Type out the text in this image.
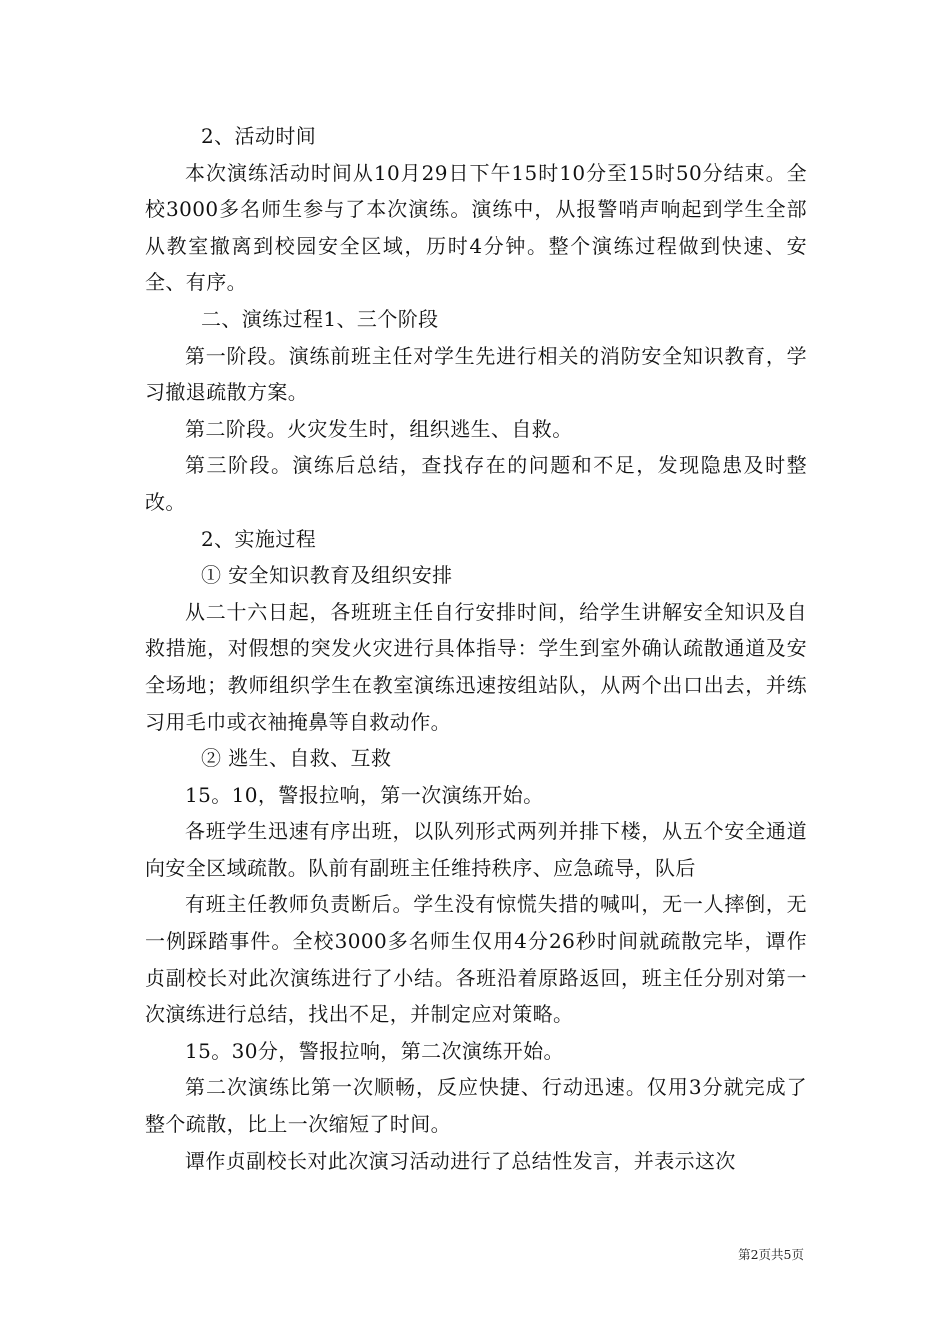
2、活动时间

本次演练活动时间从10月29日下午15时10分至15时50分结束。全校3000多名师生参与了本次演练。演练中，从报警哨声响起到学生全部从教室撤离到校园安全区域，历时4分钟。整个演练过程做到快速、安全、有序。

二、演练过程1、三个阶段

第一阶段。演练前班主任对学生先进行相关的消防安全知识教育，学习撤退疏散方案。

第二阶段。火灾发生时，组织逃生、自救。

第三阶段。演练后总结，查找存在的问题和不足，发现隐患及时整改。

2、实施过程

① 安全知识教育及组织安排

从二十六日起，各班班主任自行安排时间，给学生讲解安全知识及自救措施，对假想的突发火灾进行具体指导：学生到室外确认疏散通道及安全场地；教师组织学生在教室演练迅速按组站队，从两个出口出去，并练习用毛巾或衣袖掩鼻等自救动作。

② 逃生、自救、互救

15。10，警报拉响，第一次演练开始。

各班学生迅速有序出班，以队列形式两列并排下楼，从五个安全通道向安全区域疏散。队前有副班主任维持秩序、应急疏导，队后

有班主任教师负责断后。学生没有惊慌失措的喊叫，无一人摔倒，无一例踩踏事件。全校3000多名师生仅用4分26秒时间就疏散完毕，谭作贞副校长对此次演练进行了小结。各班沿着原路返回，班主任分别对第一次演练进行总结，找出不足，并制定应对策略。

15。30分，警报拉响，第二次演练开始。

第二次演练比第一次顺畅，反应快捷、行动迅速。仅用3分就完成了整个疏散，比上一次缩短了时间。

谭作贞副校长对此次演习活动进行了总结性发言，并表示这次

第2页共5页
